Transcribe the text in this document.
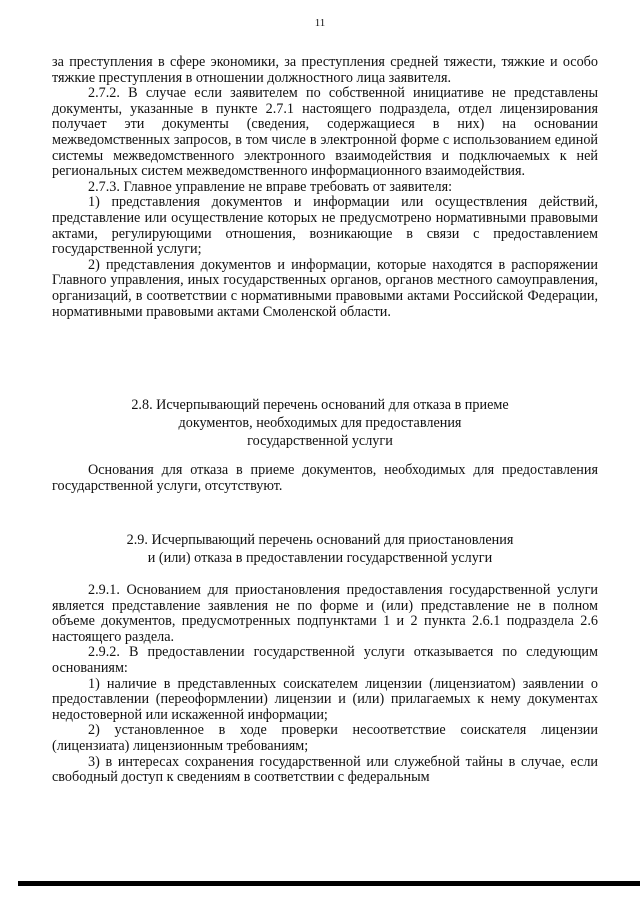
11

за преступления в сфере экономики, за преступления средней тяжести, тяжкие и особо тяжкие преступления в отношении должностного лица заявителя.

2.7.2. В случае если заявителем по собственной инициативе не представлены документы, указанные в пункте 2.7.1 настоящего подраздела, отдел лицензирования получает эти документы (сведения, содержащиеся в них) на основании межведомственных запросов, в том числе в электронной форме с использованием единой системы межведомственного электронного взаимодействия и подключаемых к ней региональных систем межведомственного информационного взаимодействия.

2.7.3. Главное управление не вправе требовать от заявителя:

1) представления документов и информации или осуществления действий, представление или осуществление которых не предусмотрено нормативными правовыми актами, регулирующими отношения, возникающие в связи с предоставлением государственной услуги;

2) представления документов и информации, которые находятся в распоряжении Главного управления, иных государственных органов, органов местного самоуправления, организаций, в соответствии с нормативными правовыми актами Российской Федерации, нормативными правовыми актами Смоленской области.

2.8. Исчерпывающий перечень оснований для отказа в приеме
документов, необходимых для предоставления
государственной услуги

Основания для отказа в приеме документов, необходимых для предоставления государственной услуги, отсутствуют.

2.9. Исчерпывающий перечень оснований для приостановления
и (или) отказа в предоставлении государственной услуги

2.9.1. Основанием для приостановления предоставления государственной услуги является представление заявления не по форме и (или) представление не в полном объеме документов, предусмотренных подпунктами 1 и 2 пункта 2.6.1 подраздела 2.6 настоящего раздела.

2.9.2. В предоставлении государственной услуги отказывается по следующим основаниям:

1) наличие в представленных соискателем лицензии (лицензиатом) заявлении о предоставлении (переоформлении) лицензии и (или) прилагаемых к нему документах недостоверной или искаженной информации;

2) установленное в ходе проверки несоответствие соискателя лицензии (лицензиата) лицензионным требованиям;

3) в интересах сохранения государственной или служебной тайны в случае, если свободный доступ к сведениям в соответствии с федеральным
